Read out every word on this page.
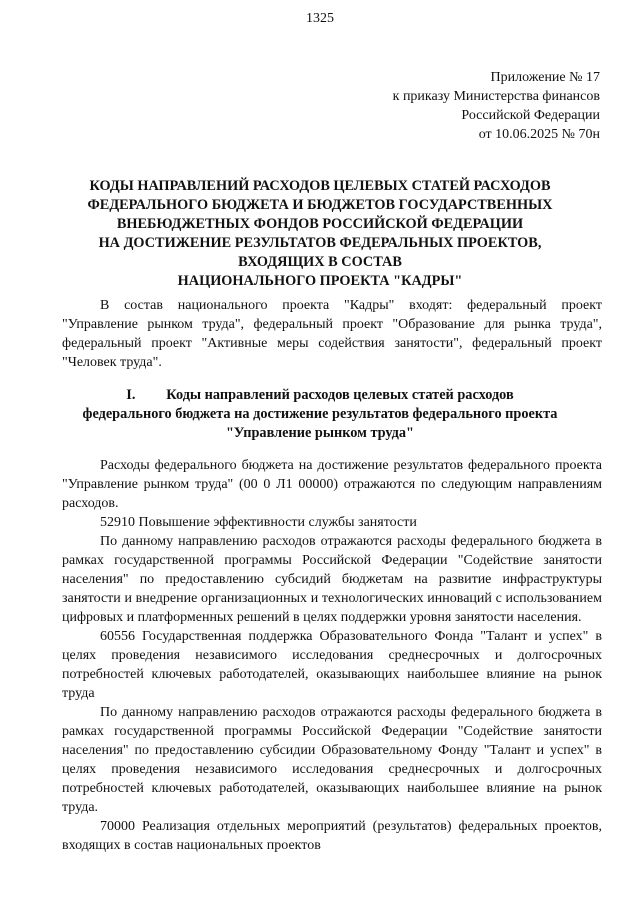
1325
Приложение № 17
к приказу Министерства финансов
Российской Федерации
от 10.06.2025 № 70н
КОДЫ НАПРАВЛЕНИЙ РАСХОДОВ ЦЕЛЕВЫХ СТАТЕЙ РАСХОДОВ
ФЕДЕРАЛЬНОГО БЮДЖЕТА И БЮДЖЕТОВ ГОСУДАРСТВЕННЫХ
ВНЕБЮДЖЕТНЫХ ФОНДОВ РОССИЙСКОЙ ФЕДЕРАЦИИ
НА ДОСТИЖЕНИЕ РЕЗУЛЬТАТОВ ФЕДЕРАЛЬНЫХ ПРОЕКТОВ,
ВХОДЯЩИХ В СОСТАВ
НАЦИОНАЛЬНОГО ПРОЕКТА "КАДРЫ"

В состав национального проекта "Кадры" входят: федеральный проект "Управление рынком труда", федеральный проект "Образование для рынка труда", федеральный проект "Активные меры содействия занятости", федеральный проект "Человек труда".

I. Коды направлений расходов целевых статей расходов
федерального бюджета на достижение результатов федерального проекта
"Управление рынком труда"

Расходы федерального бюджета на достижение результатов федерального проекта "Управление рынком труда" (00 0 Л1 00000) отражаются по следующим направлениям расходов.

52910 Повышение эффективности службы занятости

По данному направлению расходов отражаются расходы федерального бюджета в рамках государственной программы Российской Федерации "Содействие занятости населения" по предоставлению субсидий бюджетам на развитие инфраструктуры занятости и внедрение организационных и технологических инноваций с использованием цифровых и платформенных решений в целях поддержки уровня занятости населения.

60556 Государственная поддержка Образовательного Фонда "Талант и успех" в целях проведения независимого исследования среднесрочных и долгосрочных потребностей ключевых работодателей, оказывающих наибольшее влияние на рынок труда

По данному направлению расходов отражаются расходы федерального бюджета в рамках государственной программы Российской Федерации "Содействие занятости населения" по предоставлению субсидии Образовательному Фонду "Талант и успех" в целях проведения независимого исследования среднесрочных и долгосрочных потребностей ключевых работодателей, оказывающих наибольшее влияние на рынок труда.

70000 Реализация отдельных мероприятий (результатов) федеральных проектов, входящих в состав национальных проектов
